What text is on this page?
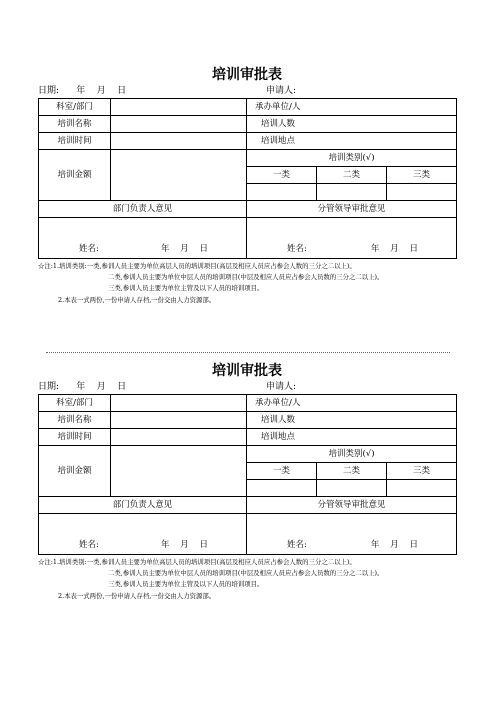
培训审批表
日期:      年    月    日	申请人:
科室/部门		承办单位/人		
培训名称		培训人数		
培训时间		培训地点		
培训金额		培训类别(√)		
		一类	二类	三类

部门负责人意见		分管领导审批意见		

姓名: 年    月    日		姓名: 年    月    日		
☆注:1.培训类别:一类,参训人员主要为单位高层人员的培训项目(高层及相应人员应占参会人数的三分之二以上)。
二类,参训人员主要为单位中层人员的培训项目(中层及相应人员应占参会人员数的三分之二以上)。
三类,参训人员主要为单位主管及以下人员的培训项目。
2.本表一式两份,一份申请人存档,一份交由人力资源部。
培训审批表
日期:      年    月    日	申请人:
科室/部门		承办单位/人		
培训名称		培训人数		
培训时间		培训地点		
培训金额		培训类别(√)		
		一类	二类	三类

部门负责人意见		分管领导审批意见		

姓名: 年    月    日		姓名: 年    月    日		
☆注:1.培训类别:一类,参训人员主要为单位高层人员的培训项目(高层及相应人员应占参会人数的三分之二以上)。
二类,参训人员主要为单位中层人员的培训项目(中层及相应人员应占参会人员数的三分之二以上)。
三类,参训人员主要为单位主管及以下人员的培训项目。
2.本表一式两份,一份申请人存档,一份交由人力资源部。
